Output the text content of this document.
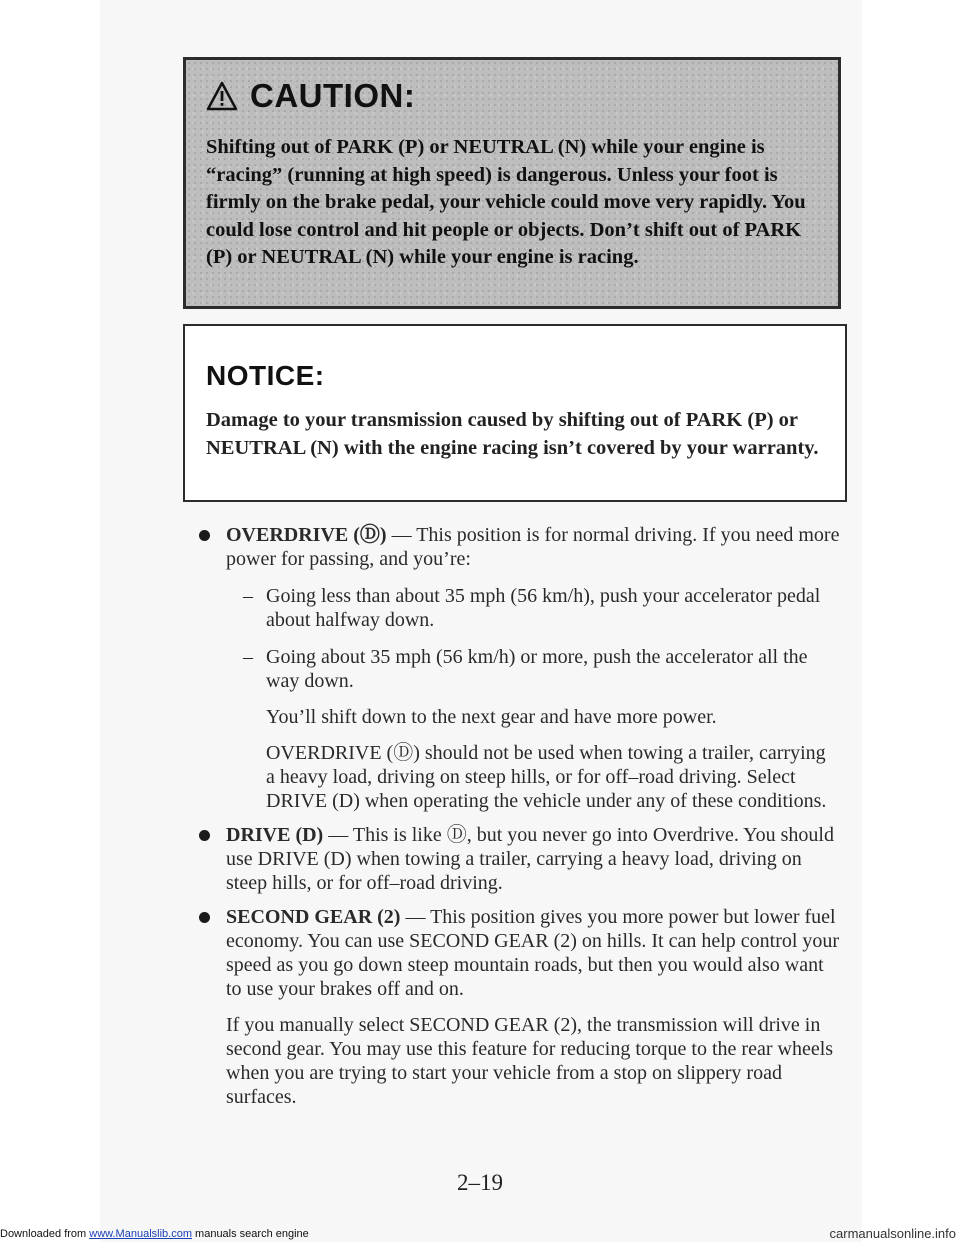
CAUTION:
Shifting out of PARK (P) or NEUTRAL (N) while your engine is “racing” (running at high speed) is dangerous. Unless your foot is firmly on the brake pedal, your vehicle could move very rapidly. You could lose control and hit people or objects. Don’t shift out of PARK (P) or NEUTRAL (N) while your engine is racing.
NOTICE:
Damage to your transmission caused by shifting out of PARK (P) or NEUTRAL (N) with the engine racing isn’t covered by your warranty.
OVERDRIVE (Ⓓ) — This position is for normal driving. If you need more power for passing, and you’re:
– Going less than about 35 mph (56 km/h), push your accelerator pedal about halfway down.
– Going about 35 mph (56 km/h) or more, push the accelerator all the way down.
You’ll shift down to the next gear and have more power.
OVERDRIVE (Ⓓ) should not be used when towing a trailer, carrying a heavy load, driving on steep hills, or for off–road driving. Select DRIVE (D) when operating the vehicle under any of these conditions.
DRIVE (D) — This is like Ⓓ, but you never go into Overdrive. You should use DRIVE (D) when towing a trailer, carrying a heavy load, driving on steep hills, or for off–road driving.
SECOND GEAR (2) — This position gives you more power but lower fuel economy. You can use SECOND GEAR (2) on hills. It can help control your speed as you go down steep mountain roads, but then you would also want to use your brakes off and on.
If you manually select SECOND GEAR (2), the transmission will drive in second gear. You may use this feature for reducing torque to the rear wheels when you are trying to start your vehicle from a stop on slippery road surfaces.
2–19
Downloaded from www.Manualslib.com manuals search engine	carmanualsonline.info
